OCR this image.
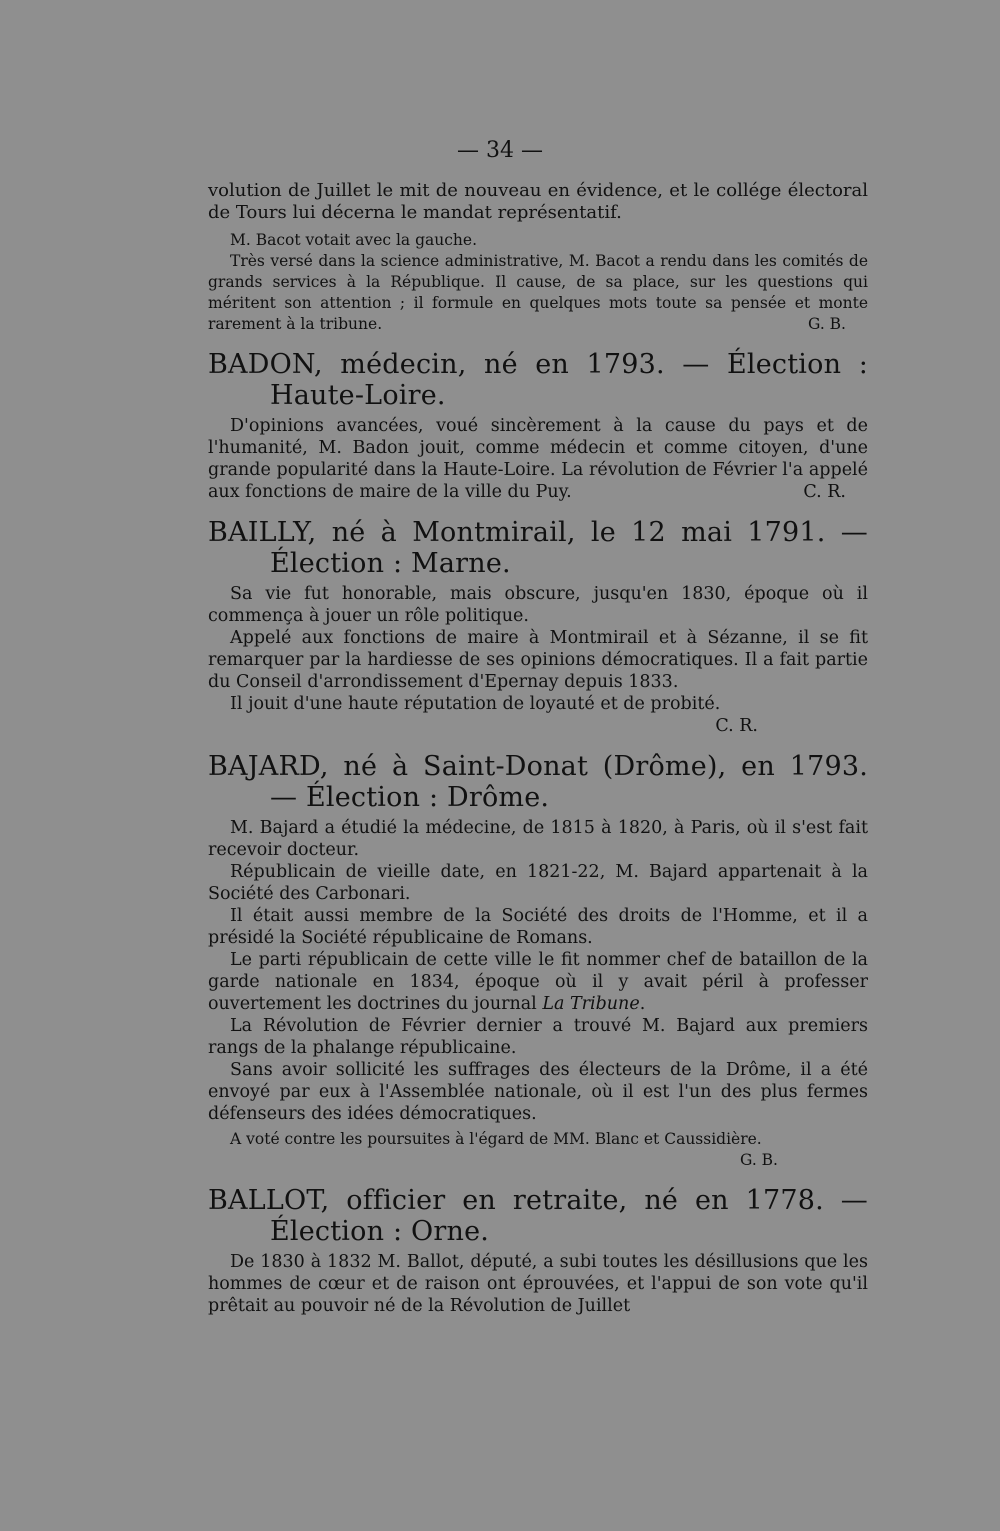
— 34 —

volution de Juillet le mit de nouveau en évidence, et le collége électoral de Tours lui décerna le mandat représentatif.

M. Bacot votait avec la gauche.

Très versé dans la science administrative, M. Bacot a rendu dans les comités de grands services à la République. Il cause, de sa place, sur les questions qui méritent son attention ; il formule en quelques mots toute sa pensée et monte rarement à la tribune.	G. B.

BADON, médecin, né en 1793. — Élection : Haute-Loire.

D'opinions avancées, voué sincèrement à la cause du pays et de l'humanité, M. Badon jouit, comme médecin et comme citoyen, d'une grande popularité dans la Haute-Loire. La révolution de Février l'a appelé aux fonctions de maire de la ville du Puy.	C. R.

BAILLY, né à Montmirail, le 12 mai 1791. — Élection : Marne.

Sa vie fut honorable, mais obscure, jusqu'en 1830, époque où il commença à jouer un rôle politique.

Appelé aux fonctions de maire à Montmirail et à Sézanne, il se fit remarquer par la hardiesse de ses opinions démocratiques. Il a fait partie du Conseil d'arrondissement d'Epernay depuis 1833.

Il jouit d'une haute réputation de loyauté et de probité.

C. R.

BAJARD, né à Saint-Donat (Drôme), en 1793. — Élection : Drôme.

M. Bajard a étudié la médecine, de 1815 à 1820, à Paris, où il s'est fait recevoir docteur.

Républicain de vieille date, en 1821-22, M. Bajard appartenait à la Société des Carbonari.

Il était aussi membre de la Société des droits de l'Homme, et il a présidé la Société républicaine de Romans.

Le parti républicain de cette ville le fit nommer chef de bataillon de la garde nationale en 1834, époque où il y avait péril à professer ouvertement les doctrines du journal La Tribune.

La Révolution de Février dernier a trouvé M. Bajard aux premiers rangs de la phalange républicaine.

Sans avoir sollicité les suffrages des électeurs de la Drôme, il a été envoyé par eux à l'Assemblée nationale, où il est l'un des plus fermes défenseurs des idées démocratiques.

A voté contre les poursuites à l'égard de MM. Blanc et Caussidière.

G. B.

BALLOT, officier en retraite, né en 1778. — Élection : Orne.

De 1830 à 1832 M. Ballot, député, a subi toutes les désillusions que les hommes de cœur et de raison ont éprouvées, et l'appui de son vote qu'il prêtait au pouvoir né de la Révolution de Juillet
